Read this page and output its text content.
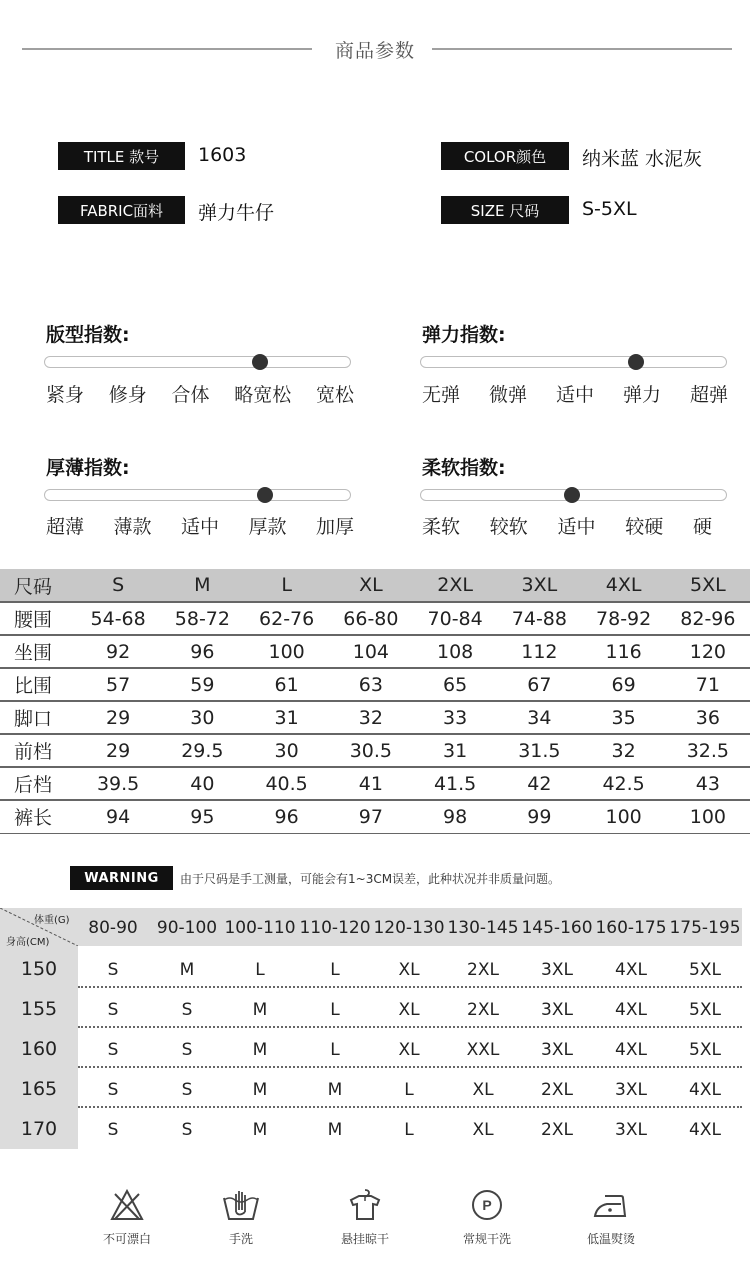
商品参数
TITLE 款号	1603	COLOR颜色	纳米蓝 水泥灰
FABRIC面料	弹力牛仔	SIZE 尺码	S-5XL
版型指数:
紧身 修身 合体 略宽松 宽松
弹力指数:
无弹 微弹 适中 弹力 超弹
厚薄指数:
超薄 薄款 适中 厚款 加厚
柔软指数:
柔软 较软 适中 较硬 硬
尺码	S	M	L	XL	2XL	3XL	4XL	5XL
腰围	54-68	58-72	62-76	66-80	70-84	74-88	78-92	82-96
坐围	92	96	100	104	108	112	116	120
比围	57	59	61	63	65	67	69	71
脚口	29	30	31	32	33	34	35	36
前档	29	29.5	30	30.5	31	31.5	32	32.5
后档	39.5	40	40.5	41	41.5	42	42.5	43
裤长	94	95	96	97	98	99	100	100
WARNING	由于尺码是手工测量，可能会有1~3CM误差，此种状况并非质量问题。
体重(G)
身高(CM)
80-90	90-100 100-110 110-120 120-130 130-145 145-160 160-175 175-195
150	S	M	L	L	XL	2XL	3XL	4XL	5XL
155	S	S	M	L	XL	2XL	3XL	4XL	5XL
160	S	S	M	L	XL	XXL	3XL	4XL	5XL
165	S	S	M	M	L	XL	2XL	3XL	4XL
170	S	S	M	M	L	XL	2XL	3XL	4XL
不可漂白	手洗	悬挂晾干
P
常规干洗	低温熨烫
